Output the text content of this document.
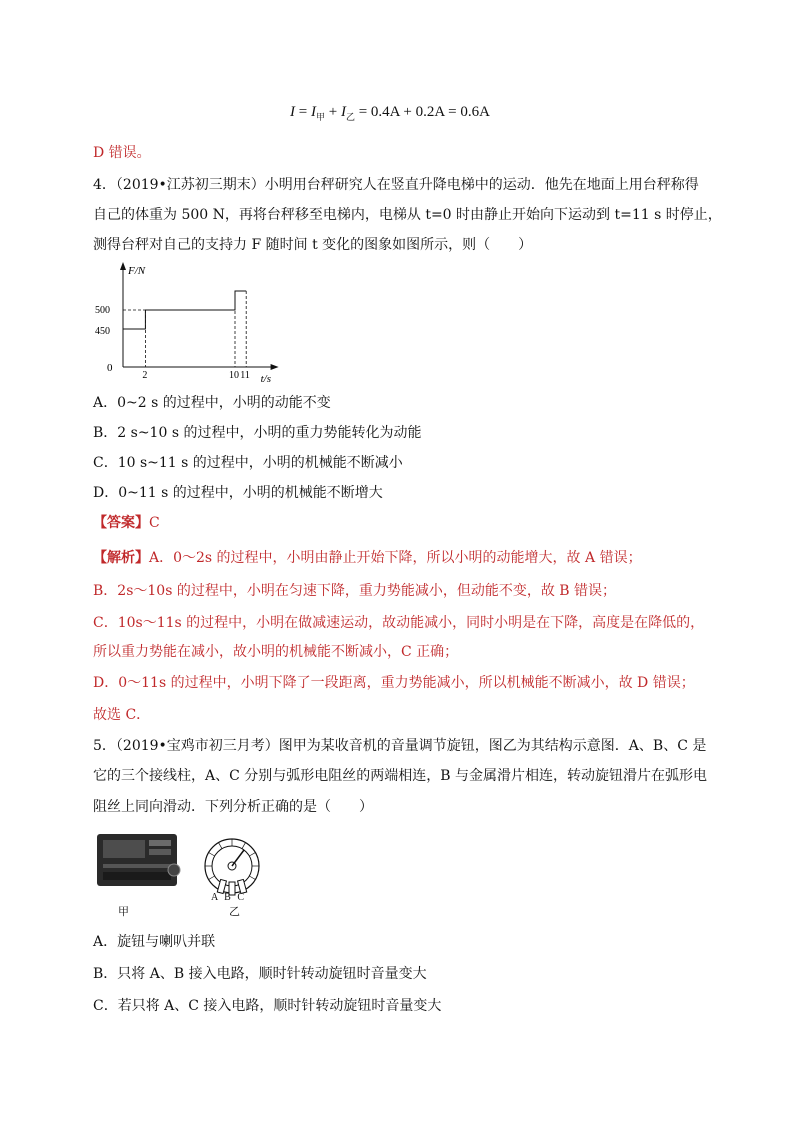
$I = I_甲 + I_乙 = 0.4A + 0.2A = 0.6A$
D 错误。
4．（2019•江苏初三期末）小明用台秤研究人在竖直升降电梯中的运动．他先在地面上用台秤称得
自己的体重为 500 N，再将台秤移至电梯内，电梯从 t=0 时由静止开始向下运动到 t=11 s 时停止，
测得台秤对自己的支持力 F 随时间 t 变化的图象如图所示，则（　　）
F/N
t/s
0
2	10 11
500
450
A．0~2 s 的过程中，小明的动能不变
B．2 s~10 s 的过程中，小明的重力势能转化为动能
C．10 s~11 s 的过程中，小明的机械能不断减小
D．0~11 s 的过程中，小明的机械能不断增大
【答案】C
【解析】A．0～2s 的过程中，小明由静止开始下降，所以小明的动能增大，故 A 错误；
B．2s～10s 的过程中，小明在匀速下降，重力势能减小，但动能不变，故 B 错误；
C．10s～11s 的过程中，小明在做减速运动，故动能减小，同时小明是在下降，高度是在降低的，
所以重力势能在减小，故小明的机械能不断减小，C 正确；
D．0～11s 的过程中，小明下降了一段距离，重力势能减小，所以机械能不断减小，故 D 错误；
故选 C．
5．（2019•宝鸡市初三月考）图甲为某收音机的音量调节旋钮，图乙为其结构示意图．A、B、C 是
它的三个接线柱，A、C 分别与弧形电阻丝的两端相连，B 与金属滑片相连，转动旋钮滑片在弧形电
阻丝上同向滑动．下列分析正确的是（　　）
甲
A B C
乙
A．旋钮与喇叭并联
B．只将 A、B 接入电路，顺时针转动旋钮时音量变大
C．若只将 A、C 接入电路，顺时针转动旋钮时音量变大
